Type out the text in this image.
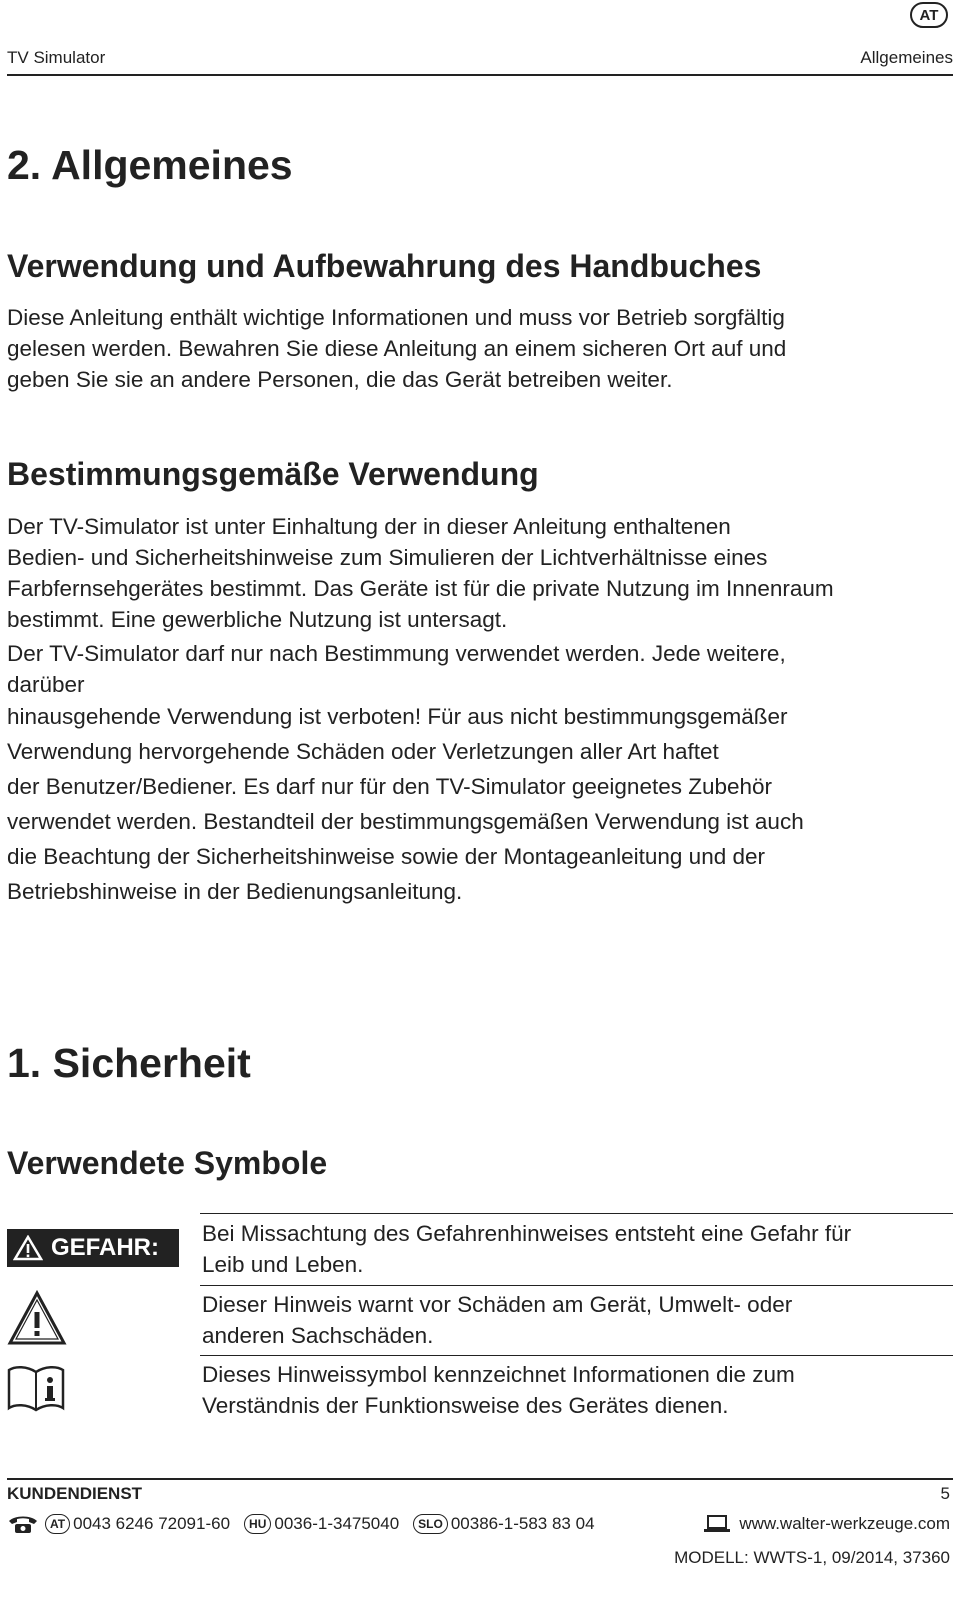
AT
TV Simulator	Allgemeines
2. Allgemeines
Verwendung und Aufbewahrung des Handbuches

Diese Anleitung enthält wichtige Informationen und muss vor Betrieb sorgfältig

gelesen werden. Bewahren Sie diese Anleitung an einem sicheren Ort auf und

geben Sie sie an andere Personen, die das Gerät betreiben weiter.

Bestimmungsgemäße Verwendung

Der TV-Simulator ist unter Einhaltung der in dieser Anleitung enthaltenen

Bedien- und Sicherheitshinweise zum Simulieren der Lichtverhältnisse eines

Farbfernsehgerätes bestimmt. Das Geräte ist für die private Nutzung im Innenraum

bestimmt. Eine gewerbliche Nutzung ist untersagt.

Der TV-Simulator darf nur nach Bestimmung verwendet werden. Jede weitere,

darüber

hinausgehende Verwendung ist verboten! Für aus nicht bestimmungsgemäßer

Verwendung hervorgehende Schäden oder Verletzungen aller Art haftet

der Benutzer/Bediener. Es darf nur für den TV-Simulator geeignetes Zubehör

verwendet werden. Bestandteil der bestimmungsgemäßen Verwendung ist auch

die Beachtung der Sicherheitshinweise sowie der Montageanleitung und der

Betriebshinweise in der Bedienungsanleitung.

1. Sicherheit
Verwendete Symbole
GEFAHR:
Bei Missachtung des Gefahrenhinweises entsteht eine Gefahr für
Leib und Leben.
Dieser Hinweis warnt vor Schäden am Gerät, Umwelt- oder
anderen Sachschäden.
Dieses Hinweissymbol kennzeichnet Informationen die zum
Verständnis der Funktionsweise des Gerätes dienen.
KUNDENDIENST	5
AT 0043 6246 72091-60	HU 0036-1-3475040	SLO 00386-1-583 83 04	www.walter-werkzeuge.com
MODELL: WWTS-1, 09/2014, 37360
